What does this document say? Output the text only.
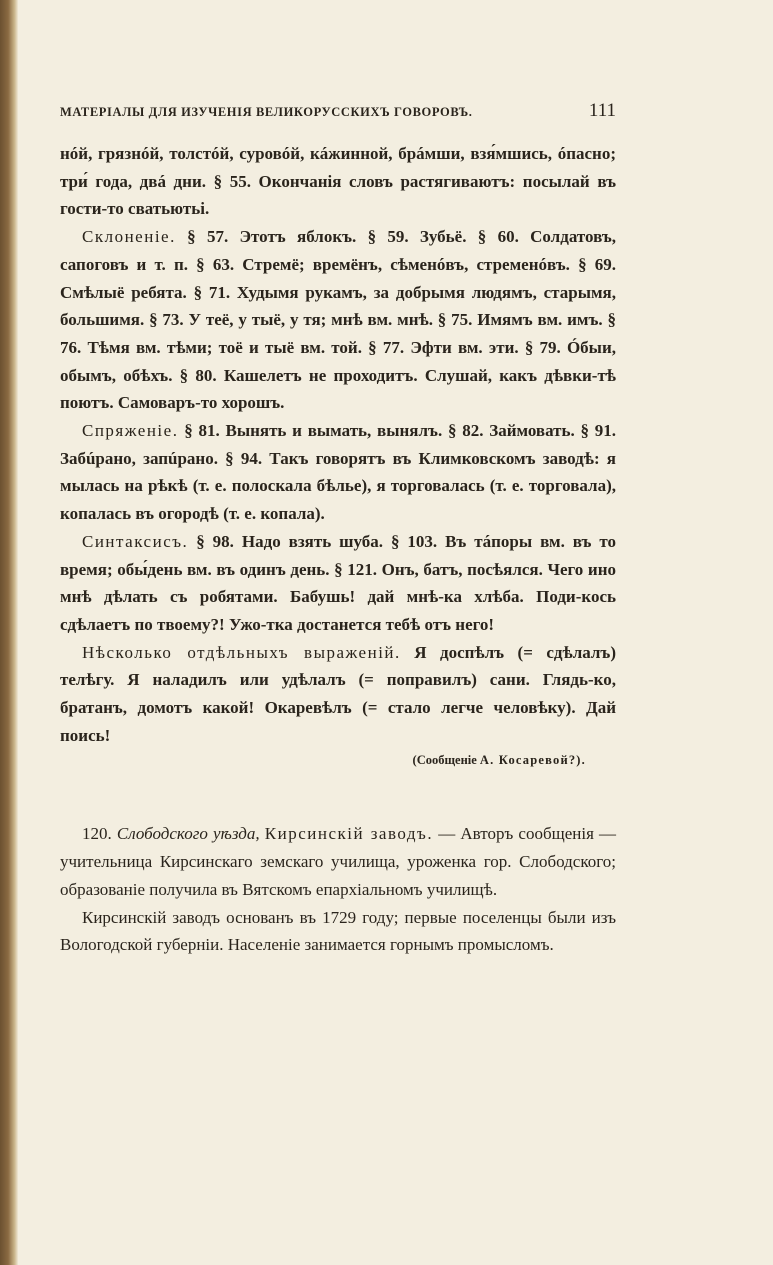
МАТЕРІАЛЫ ДЛЯ ИЗУЧЕНІЯ ВЕЛИКОРУССКИХЪ ГОВОРОВЪ.	111

нóй, грязнóй, толстóй, суровóй, кáжинной, брáмши, взя́мшись, óпасно; три́ года, двá дни. § 55. Окончанія словъ растягиваютъ: посылай въ гости-то сватьютьі.

Склоненіе. § 57. Этотъ яблокъ. § 59. Зубьё. § 60. Солдатовъ, сапоговъ и т. п. § 63. Стремё; времёнъ, сѣменóвъ, стременóвъ. § 69. Смѣлыё ребята. § 71. Худымя рукамъ, за добрымя людямъ, старымя, большимя. § 73. У теё, у тыё, у тя; мнѣ вм. мнѣ. § 75. Имямъ вм. имъ. § 76. Тѣмя вм. тѣми; тоё и тыё вм. той. § 77. Эфти вм. эти. § 79. Óбыи, обымъ, обѣхъ. § 80. Кашелетъ не проходитъ. Слушай, какъ дѣвки-тѣ поютъ. Самоваръ-то хорошъ.

Спряженіе. § 81. Вынять и вымать, вынялъ. § 82. Займовать. § 91. Забúрано, запúрано. § 94. Такъ говорятъ въ Климковскомъ заводѣ: я мылась на рѣкѣ (т. е. полоскала бѣлье), я торговалась (т. е. торговала), копалась въ огородѣ (т. е. копала).

Синтаксисъ. § 98. Надо взять шуба. § 103. Въ тáпоры вм. въ то время; обы́день вм. въ одинъ день. § 121. Онъ, батъ, посѣялся. Чего ино мнѣ дѣлать съ робятами. Бабушь! дай мнѣ-ка хлѣба. Поди-кось сдѣлаетъ по твоему?! Ужо-тка достанется тебѣ отъ него!

Нѣсколько отдѣльныхъ выраженій. Я доспѣлъ (= сдѣлалъ) телѣгу. Я наладилъ или удѣлалъ (= поправилъ) сани. Глядь-ко, братанъ, домотъ какой! Окаревѣлъ (= стало легче человѣку). Дай поись!

(Сообщеніе А. Косаревой?).

120. Слободского уѣзда, Кирсинскій заводъ. — Авторъ сообщенія — учительница Кирсинскаго земскаго училища, уроженка гор. Слободского; образованіе получила въ Вятскомъ епархіальномъ училищѣ.

Кирсинскій заводъ основанъ въ 1729 году; первые поселенцы были изъ Вологодской губерніи. Населеніе занимается горнымъ промысломъ.
